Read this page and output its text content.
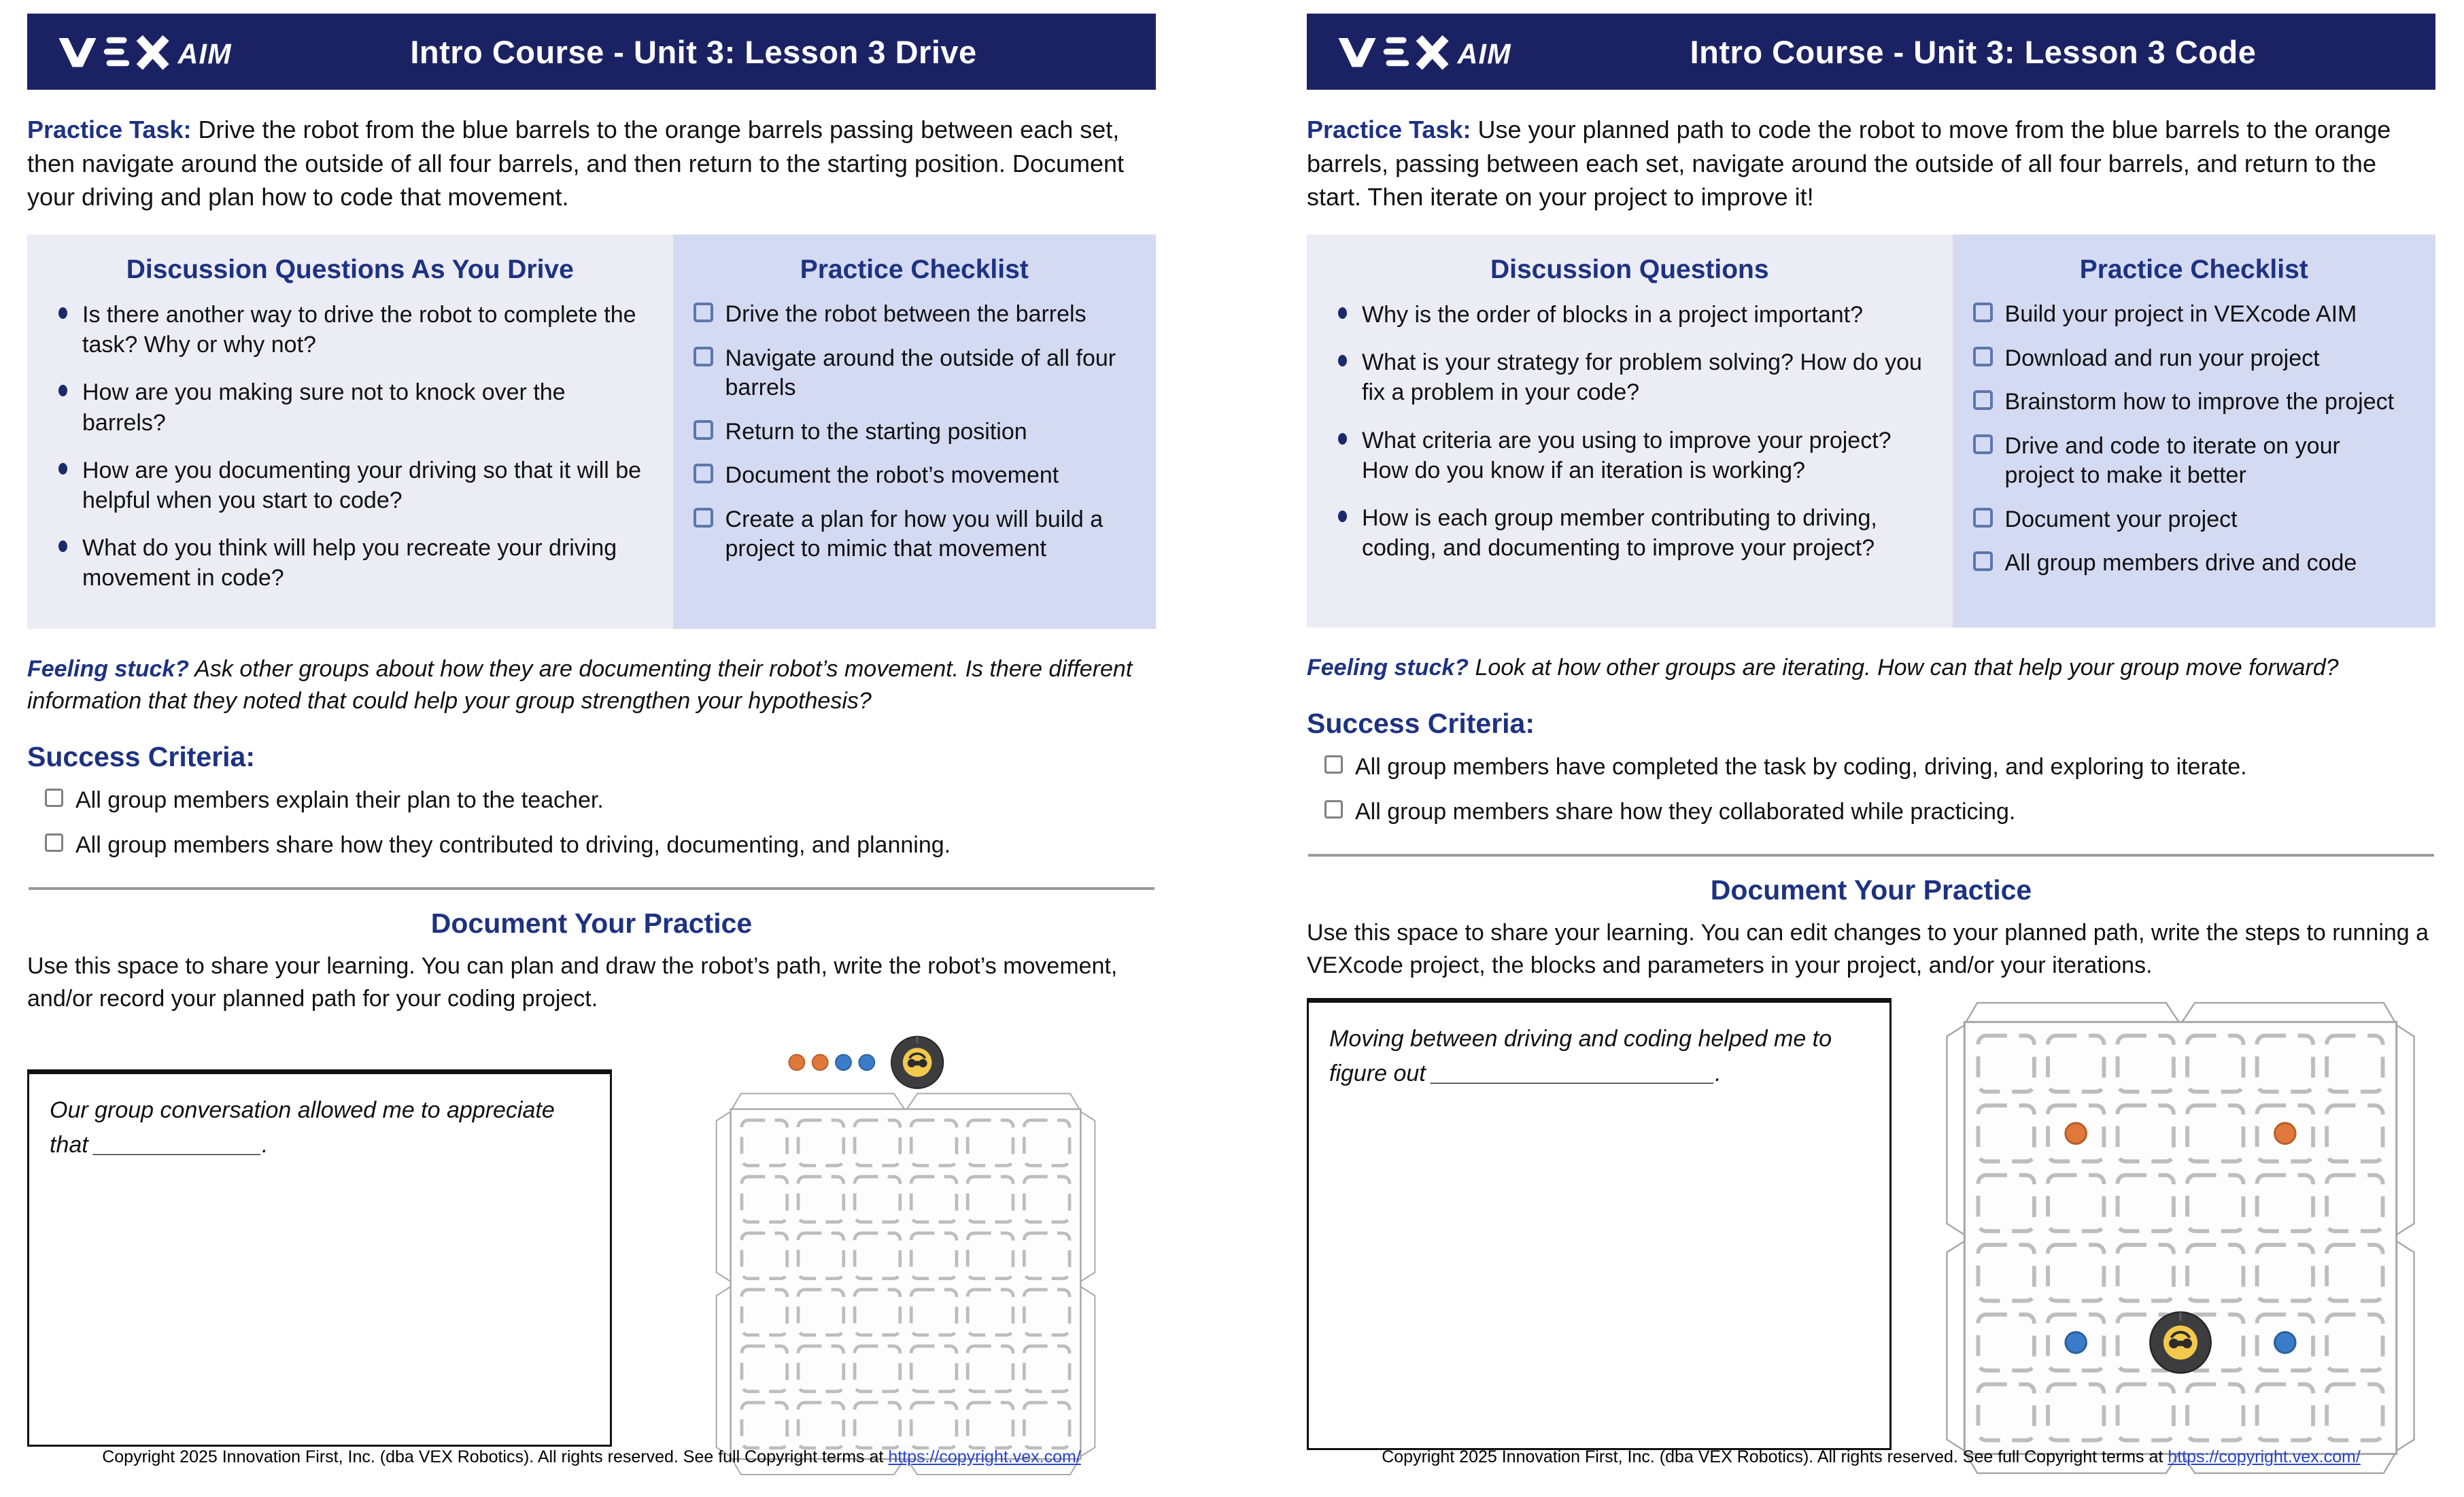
AIM	Intro Course - Unit 3: Lesson 3 Drive
Practice Task: Drive the robot from the blue barrels to the orange barrels passing between each set, then navigate around the outside of all four barrels, and then return to the starting position. Document your driving and plan how to code that movement.
Discussion Questions As You Drive
Is there another way to drive the robot to complete the task? Why or why not?
How are you making sure not to knock over the barrels?
How are you documenting your driving so that it will be helpful when you start to code?
What do you think will help you recreate your driving movement in code?
Practice Checklist
Drive the robot between the barrels
Navigate around the outside of all four barrels
Return to the starting position
Document the robot’s movement
Create a plan for how you will build a project to mimic that movement
Feeling stuck? Ask other groups about how they are documenting their robot’s movement. Is there different information that they noted that could help your group strengthen your hypothesis?
Success Criteria:
All group members explain their plan to the teacher.
All group members share how they contributed to driving, documenting, and planning.
Document Your Practice
Use this space to share your learning. You can plan and draw the robot’s path, write the robot’s movement, and/or record your planned path for your coding project.
Our group conversation allowed me to appreciate that _____________.
Copyright 2025 Innovation First, Inc. (dba VEX Robotics). All rights reserved. See full Copyright terms at https://copyright.vex.com/
AIM	Intro Course - Unit 3: Lesson 3 Code
Practice Task: Use your planned path to code the robot to move from the blue barrels to the orange barrels, passing between each set, navigate around the outside of all four barrels, and return to the start. Then iterate on your project to improve it!
Discussion Questions
Why is the order of blocks in a project important?
What is your strategy for problem solving? How do you fix a problem in your code?
What criteria are you using to improve your project? How do you know if an iteration is working?
How is each group member contributing to driving, coding, and documenting to improve your project?
Practice Checklist
Build your project in VEXcode AIM
Download and run your project
Brainstorm how to improve the project
Drive and code to iterate on your project to make it better
Document your project
All group members drive and code
Feeling stuck? Look at how other groups are iterating. How can that help your group move forward?
Success Criteria:
All group members have completed the task by coding, driving, and exploring to iterate.
All group members share how they collaborated while practicing.
Document Your Practice
Use this space to share your learning. You can edit changes to your planned path, write the steps to running a VEXcode project, the blocks and parameters in your project, and/or your iterations.
Moving between driving and coding helped me to figure out ______________________.
Copyright 2025 Innovation First, Inc. (dba VEX Robotics). All rights reserved. See full Copyright terms at https://copyright.vex.com/
